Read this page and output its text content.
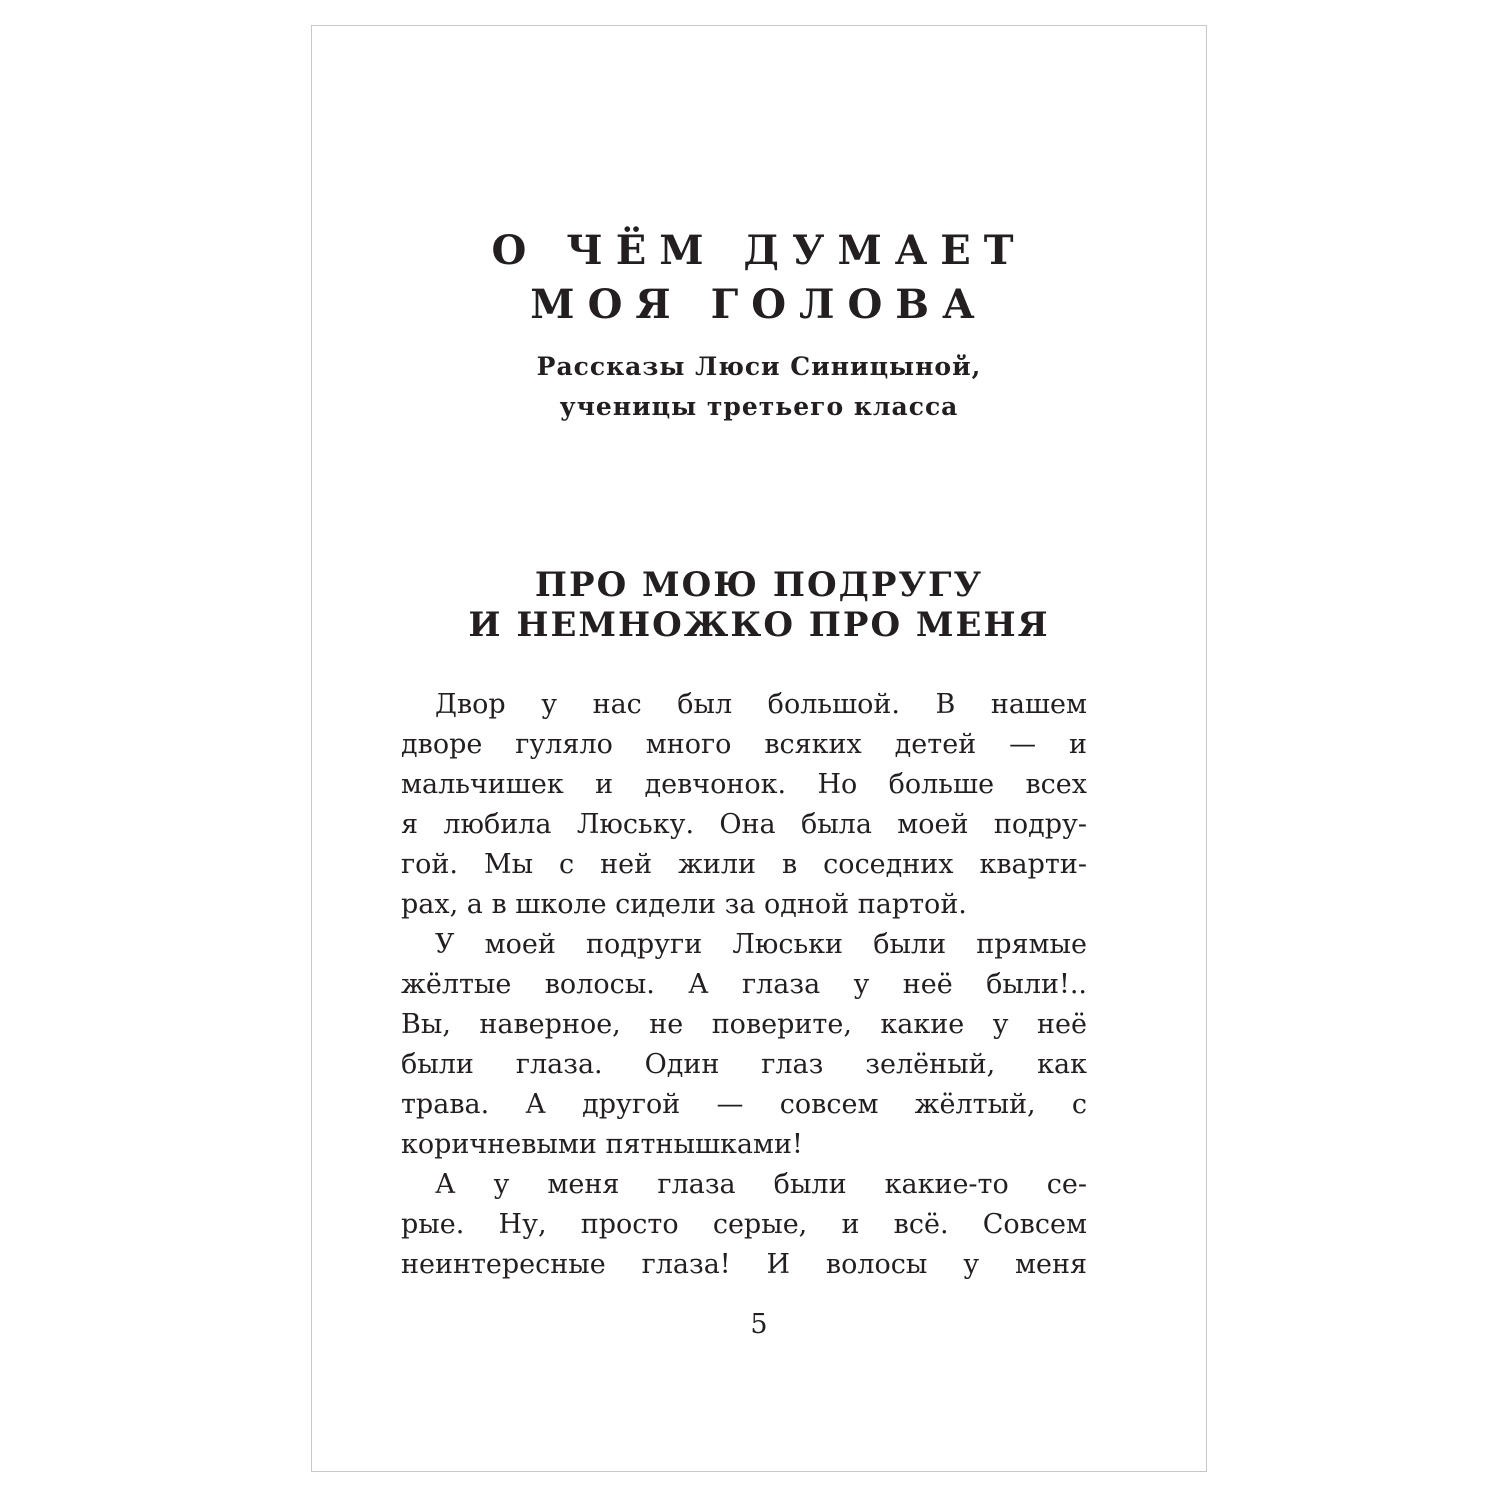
О ЧЁМ ДУМАЕТ
МОЯ ГОЛОВА
Рассказы Люси Синицыной,
ученицы третьего класса
ПРО МОЮ ПОДРУГУ
И НЕМНОЖКО ПРО МЕНЯ
Двор у нас был большой. В нашем
дворе гуляло много всяких детей — и
мальчишек и девчонок. Но больше всех
я любила Люську. Она была моей подру-
гой. Мы с ней жили в соседних кварти-
рах, а в школе сидели за одной партой.
У моей подруги Люськи были прямые
жёлтые волосы. А глаза у неё были!..
Вы, наверное, не поверите, какие у неё
были глаза. Один глаз зелёный, как
трава. А другой — совсем жёлтый, с
коричневыми пятнышками!
А у меня глаза были какие-то се-
рые. Ну, просто серые, и всё. Совсем
неинтересные глаза! И волосы у меня
5
